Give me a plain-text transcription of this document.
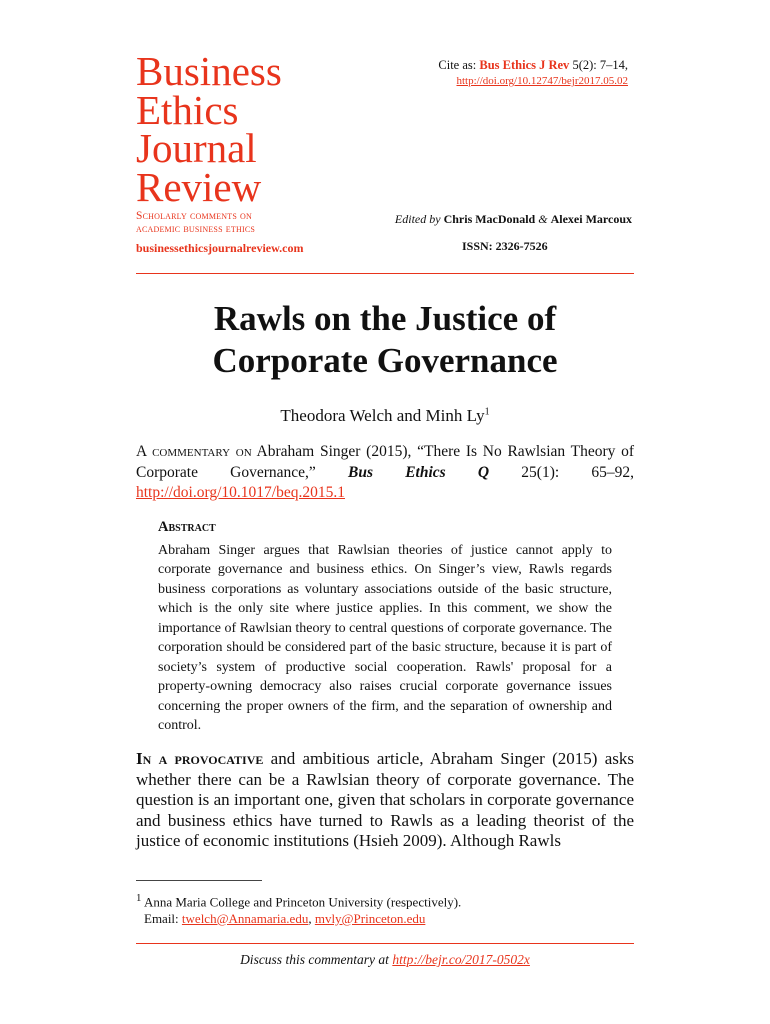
Business
Ethics
Journal
Review
Scholarly comments on
academic business ethics
businessethicsjournalreview.com
Cite as: Bus Ethics J Rev 5(2): 7–14,
http://doi.org/10.12747/bejr2017.05.02
Edited by Chris MacDonald & Alexei Marcoux
ISSN: 2326-7526
Rawls on the Justice of
Corporate Governance
Theodora Welch and Minh Ly$^1$
A commentary on Abraham Singer (2015), “There Is No Rawlsian Theory of Corporate Governance,” Bus Ethics Q 25(1): 65–92, http://doi.org/10.1017/beq.2015.1
Abstract
Abraham Singer argues that Rawlsian theories of justice cannot apply to corporate governance and business ethics. On Singer’s view, Rawls regards business corporations as voluntary associations outside of the basic structure, which is the only site where justice applies. In this comment, we show the importance of Rawlsian theory to central questions of corporate governance. The corporation should be considered part of the basic structure, because it is part of society’s system of productive social cooperation. Rawls' proposal for a property-owning democracy also raises crucial corporate governance issues concerning the proper owners of the firm, and the separation of ownership and control.
In a provocative and ambitious article, Abraham Singer (2015) asks whether there can be a Rawlsian theory of corporate governance. The question is an important one, given that scholars in corporate governance and business ethics have turned to Rawls as a leading theorist of the justice of economic institutions (Hsieh 2009). Although Rawls
$^1$ Anna Maria College and Princeton University (respectively).
Email: twelch@Annamaria.edu, mvly@Princeton.edu
Discuss this commentary at http://bejr.co/2017-0502x
